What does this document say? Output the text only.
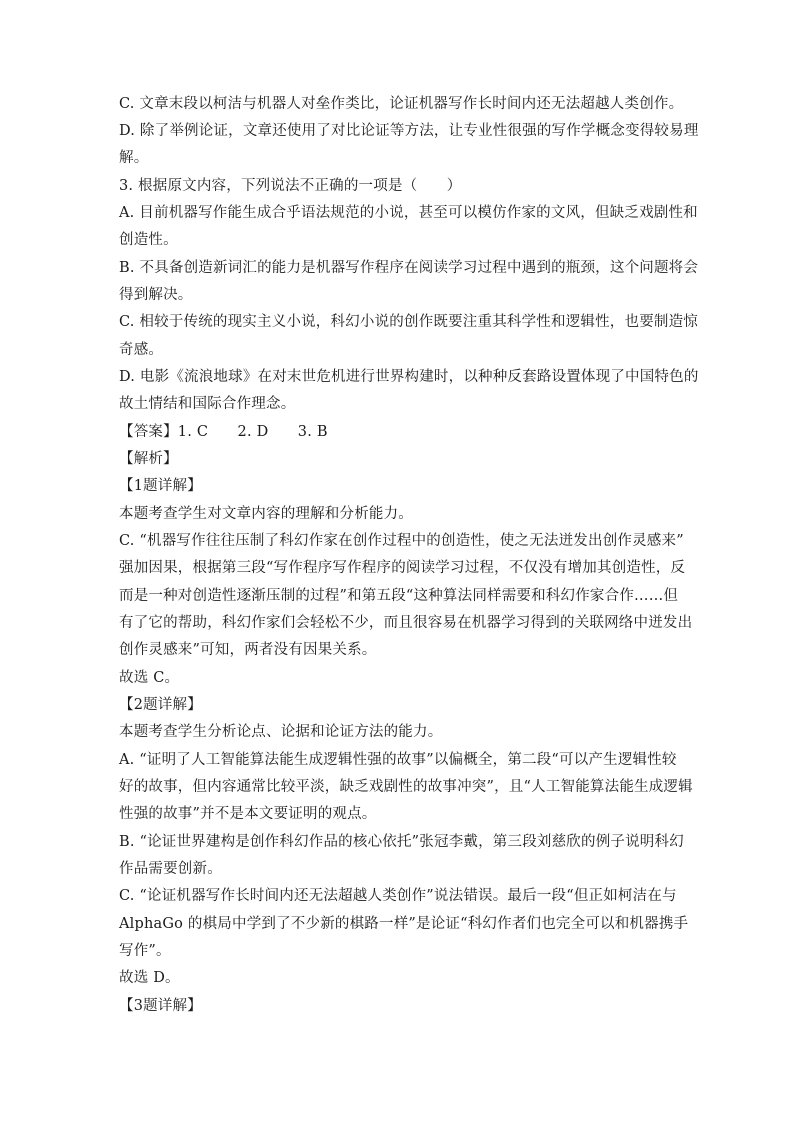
C. 文章末段以柯洁与机器人对垒作类比，论证机器写作长时间内还无法超越人类创作。
D. 除了举例论证，文章还使用了对比论证等方法，让专业性很强的写作学概念变得较易理
解。
3. 根据原文内容，下列说法不正确的一项是（　　）
A. 目前机器写作能生成合乎语法规范的小说，甚至可以模仿作家的文风，但缺乏戏剧性和
创造性。
B. 不具备创造新词汇的能力是机器写作程序在阅读学习过程中遇到的瓶颈，这个问题将会
得到解决。
C. 相较于传统的现实主义小说，科幻小说的创作既要注重其科学性和逻辑性，也要制造惊
奇感。
D. 电影《流浪地球》在对末世危机进行世界构建时，以种种反套路设置体现了中国特色的
故土情结和国际合作理念。
【答案】1. C　　2. D　　3. B
【解析】
【1题详解】
本题考查学生对文章内容的理解和分析能力。
C. “机器写作往往压制了科幻作家在创作过程中的创造性，使之无法迸发出创作灵感来”
强加因果，根据第三段“写作程序写作程序的阅读学习过程，不仅没有增加其创造性，反
而是一种对创造性逐渐压制的过程”和第五段“这种算法同样需要和科幻作家合作……但
有了它的帮助，科幻作家们会轻松不少，而且很容易在机器学习得到的关联网络中迸发出
创作灵感来”可知，两者没有因果关系。
故选 C。
【2题详解】
本题考查学生分析论点、论据和论证方法的能力。
A. “证明了人工智能算法能生成逻辑性强的故事”以偏概全，第二段“可以产生逻辑性较
好的故事，但内容通常比较平淡，缺乏戏剧性的故事冲突”，且“人工智能算法能生成逻辑
性强的故事”并不是本文要证明的观点。
B. “论证世界建构是创作科幻作品的核心依托”张冠李戴，第三段刘慈欣的例子说明科幻
作品需要创新。
C. “论证机器写作长时间内还无法超越人类创作”说法错误。最后一段“但正如柯洁在与
AlphaGo 的棋局中学到了不少新的棋路一样”是论证“科幻作者们也完全可以和机器携手
写作”。
故选 D。
【3题详解】
